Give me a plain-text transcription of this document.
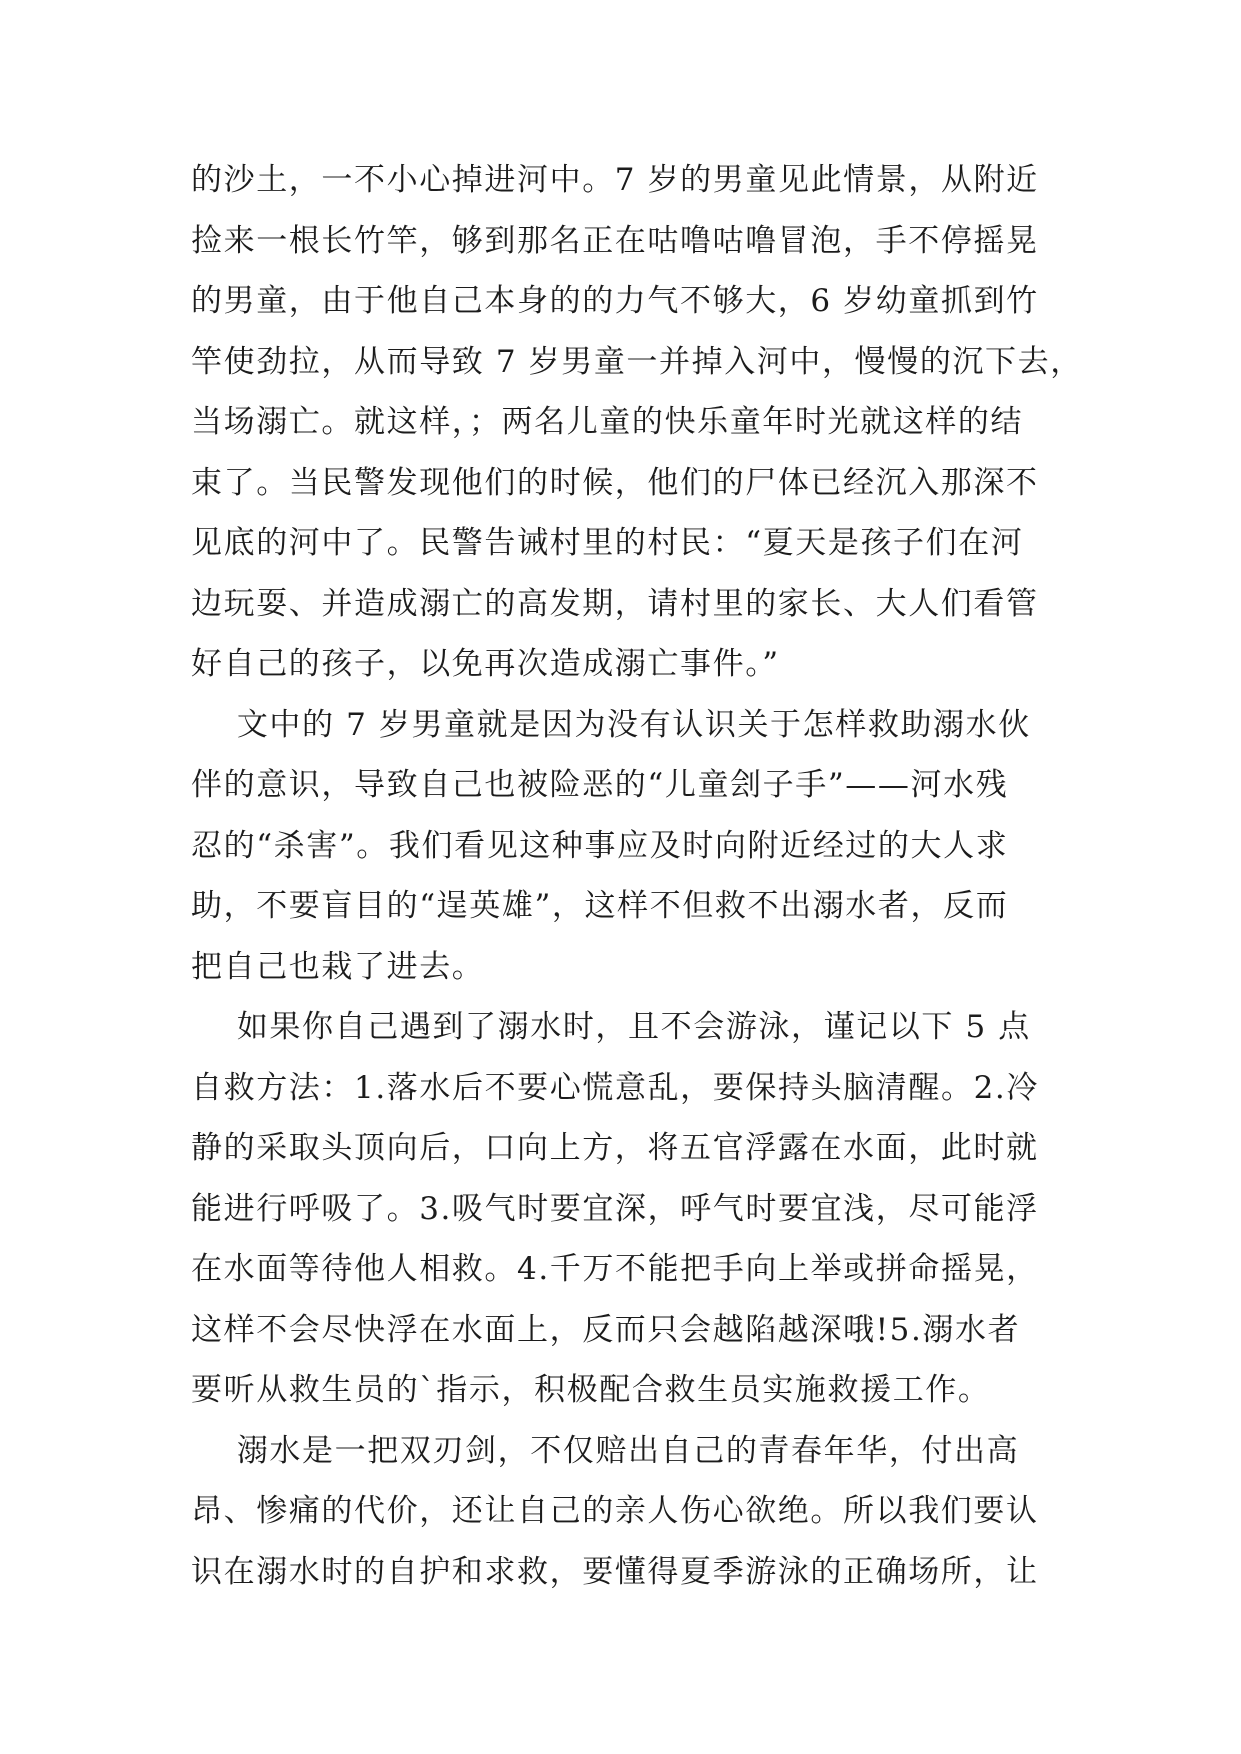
的沙土，一不小心掉进河中。7 岁的男童见此情景，从附近
捡来一根长竹竿，够到那名正在咕噜咕噜冒泡，手不停摇晃
的男童，由于他自己本身的的力气不够大，6 岁幼童抓到竹
竿使劲拉，从而导致 7 岁男童一并掉入河中，慢慢的沉下去，
当场溺亡。就这样，；两名儿童的快乐童年时光就这样的结
束了。当民警发现他们的时候，他们的尸体已经沉入那深不
见底的河中了。民警告诫村里的村民：“夏天是孩子们在河
边玩耍、并造成溺亡的高发期，请村里的家长、大人们看管
好自己的孩子，以免再次造成溺亡事件。”
文中的 7 岁男童就是因为没有认识关于怎样救助溺水伙
伴的意识，导致自己也被险恶的“儿童刽子手”——河水残
忍的“杀害”。我们看见这种事应及时向附近经过的大人求
助，不要盲目的“逞英雄”，这样不但救不出溺水者，反而
把自己也栽了进去。
如果你自己遇到了溺水时，且不会游泳，谨记以下 5 点
自救方法：1.落水后不要心慌意乱，要保持头脑清醒。2.冷
静的采取头顶向后，口向上方，将五官浮露在水面，此时就
能进行呼吸了。3.吸气时要宜深，呼气时要宜浅，尽可能浮
在水面等待他人相救。4.千万不能把手向上举或拼命摇晃，
这样不会尽快浮在水面上，反而只会越陷越深哦!5.溺水者
要听从救生员的`指示，积极配合救生员实施救援工作。
溺水是一把双刃剑，不仅赔出自己的青春年华，付出高
昂、惨痛的代价，还让自己的亲人伤心欲绝。所以我们要认
识在溺水时的自护和求救，要懂得夏季游泳的正确场所，让
